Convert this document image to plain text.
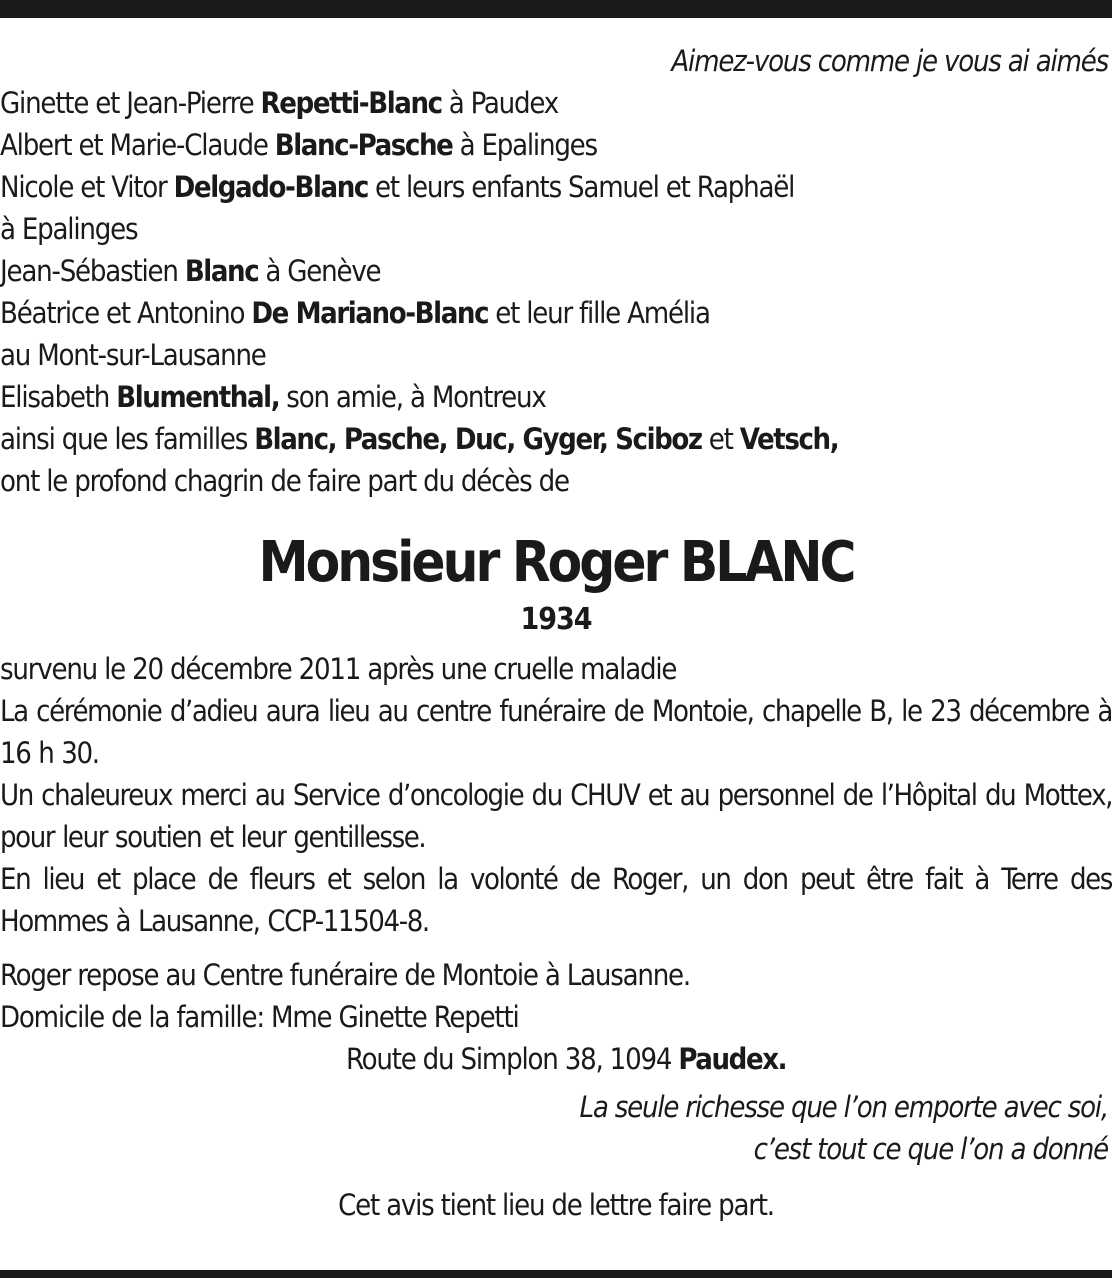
Aimez-vous comme je vous ai aimés

Ginette et Jean-Pierre Repetti-Blanc à Paudex

Albert et Marie-Claude Blanc-Pasche à Epalinges

Nicole et Vitor Delgado-Blanc et leurs enfants Samuel et Raphaël

à Epalinges

Jean-Sébastien Blanc à Genève

Béatrice et Antonino De Mariano-Blanc et leur fille Amélia

au Mont-sur-Lausanne

Elisabeth Blumenthal, son amie, à Montreux

ainsi que les familles Blanc, Pasche, Duc, Gyger, Sciboz et Vetsch,

ont le profond chagrin de faire part du décès de

Monsieur Roger BLANC

1934

survenu le 20 décembre 2011 après une cruelle maladie

La cérémonie d’adieu aura lieu au centre funéraire de Montoie, chapelle B, le 23 décembre à 16 h 30.

Un chaleureux merci au Service d’oncologie du CHUV et au personnel de l’Hôpital du Mottex, pour leur soutien et leur gentillesse.

En lieu et place de fleurs et selon la volonté de Roger, un don peut être fait à Terre des Hommes à Lausanne, CCP-11504-8.

Roger repose au Centre funéraire de Montoie à Lausanne.

Domicile de la famille: Mme Ginette Repetti

Route du Simplon 38, 1094 Paudex.

La seule richesse que l’on emporte avec soi,

c’est tout ce que l’on a donné

Cet avis tient lieu de lettre faire part.
